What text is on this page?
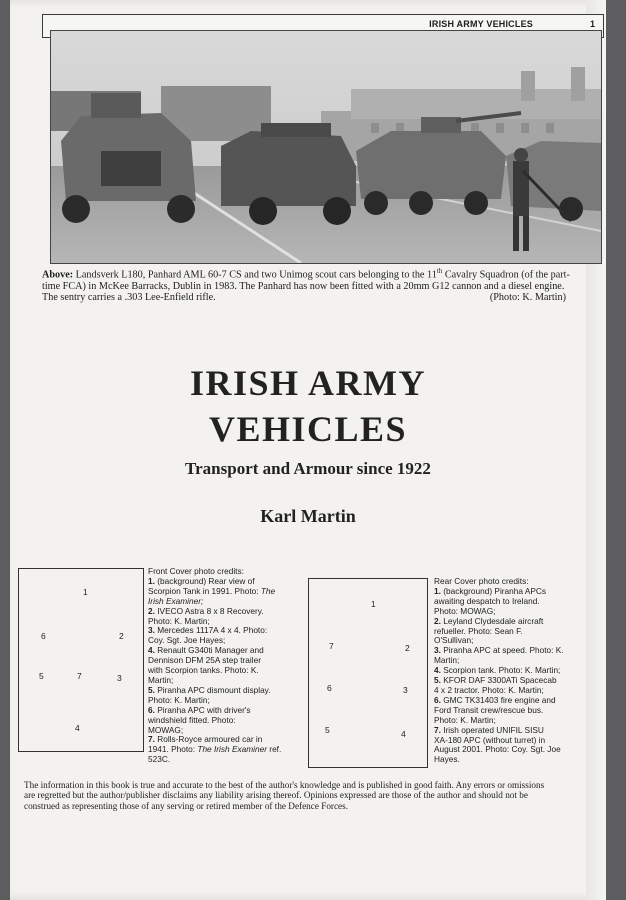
IRISH ARMY VEHICLES	1
Above: Landsverk L180, Panhard AML 60-7 CS and two Unimog scout cars belonging to the 11th Cavalry Squadron (of the part-
time FCA) in McKee Barracks, Dublin in 1983. The Panhard has now been fitted with a 20mm G12 cannon and a diesel engine.
The sentry carries a .303 Lee-Enfield rifle.	(Photo: K. Martin)
IRISH ARMY
VEHICLES
Transport and Armour since 1922
Karl Martin
1
6	2
5	7	3
4

Front Cover photo credits:

1. (background) Rear view of
Scorpion Tank in 1991. Photo: The Irish Examiner;

2. IVECO Astra 8 x 8 Recovery.
Photo: K. Martin;

3. Mercedes 1117A 4 x 4. Photo:
Coy. Sgt. Joe Hayes;

4. Renault G340ti Manager and
Dennison DFM 25A step trailer
with Scorpion tanks. Photo: K.
Martin;

5. Piranha APC dismount display.
Photo: K. Martin;

6. Piranha APC with driver's
windshield fitted. Photo:
MOWAG;

7. Rolls-Royce armoured car in
1941. Photo: The Irish Examiner ref.
523C.

1
7	2
6	3
5	4

Rear Cover photo credits:

1. (background) Piranha APCs
awaiting despatch to Ireland.
Photo: MOWAG;

2. Leyland Clydesdale aircraft
refueller. Photo: Sean F.
O'Sullivan;

3. Piranha APC at speed. Photo: K.
Martin;

4. Scorpion tank. Photo: K. Martin;

5. KFOR DAF 3300ATi Spacecab
4 x 2 tractor. Photo: K. Martin;

6. GMC TK31403 fire engine and
Ford Transit crew/rescue bus.
Photo: K. Martin;

7. Irish operated UNIFIL SISU
XA-180 APC (without turret) in
August 2001. Photo: Coy. Sgt. Joe
Hayes.

The information in this book is true and accurate to the best of the author's knowledge and is published in good faith. Any errors or omissions
are regretted but the author/publisher disclaims any liability arising thereof. Opinions expressed are those of the author and should not be
construed as representing those of any serving or retired member of the Defence Forces.
